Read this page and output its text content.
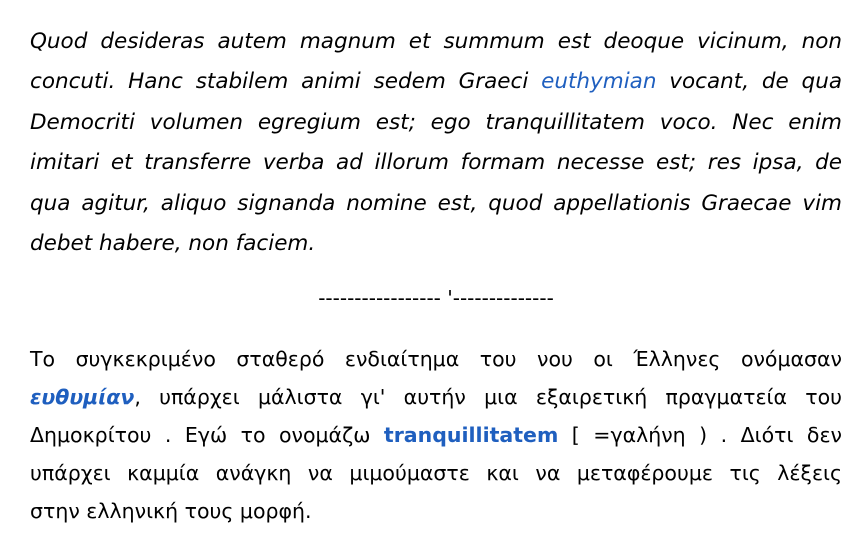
Quod desideras autem magnum et summum est deoque vicinum, non
concuti. Hanc stabilem animi sedem Graeci euthymian vocant, de qua
Democriti volumen egregium est; ego tranquillitatem voco. Nec enim
imitari et transferre verba ad illorum formam necesse est; res ipsa, de
qua agitur, aliquo signanda nomine est, quod appellationis Graecae vim
debet habere, non faciem.

----------------- '--------------

Το συγκεκριμένο σταθερό ενδιαίτημα του νου οι Έλληνες ονόμασαν
ευθυμίαν, υπάρχει μάλιστα γι' αυτήν μια εξαιρετική πραγματεία του
Δημοκρίτου . Εγώ το ονομάζω tranquillitatem [ =γαλήνη ) . Διότι δεν
υπάρχει καμμία ανάγκη να μιμούμαστε και να μεταφέρουμε τις λέξεις
στην ελληνική τους μορφή.
